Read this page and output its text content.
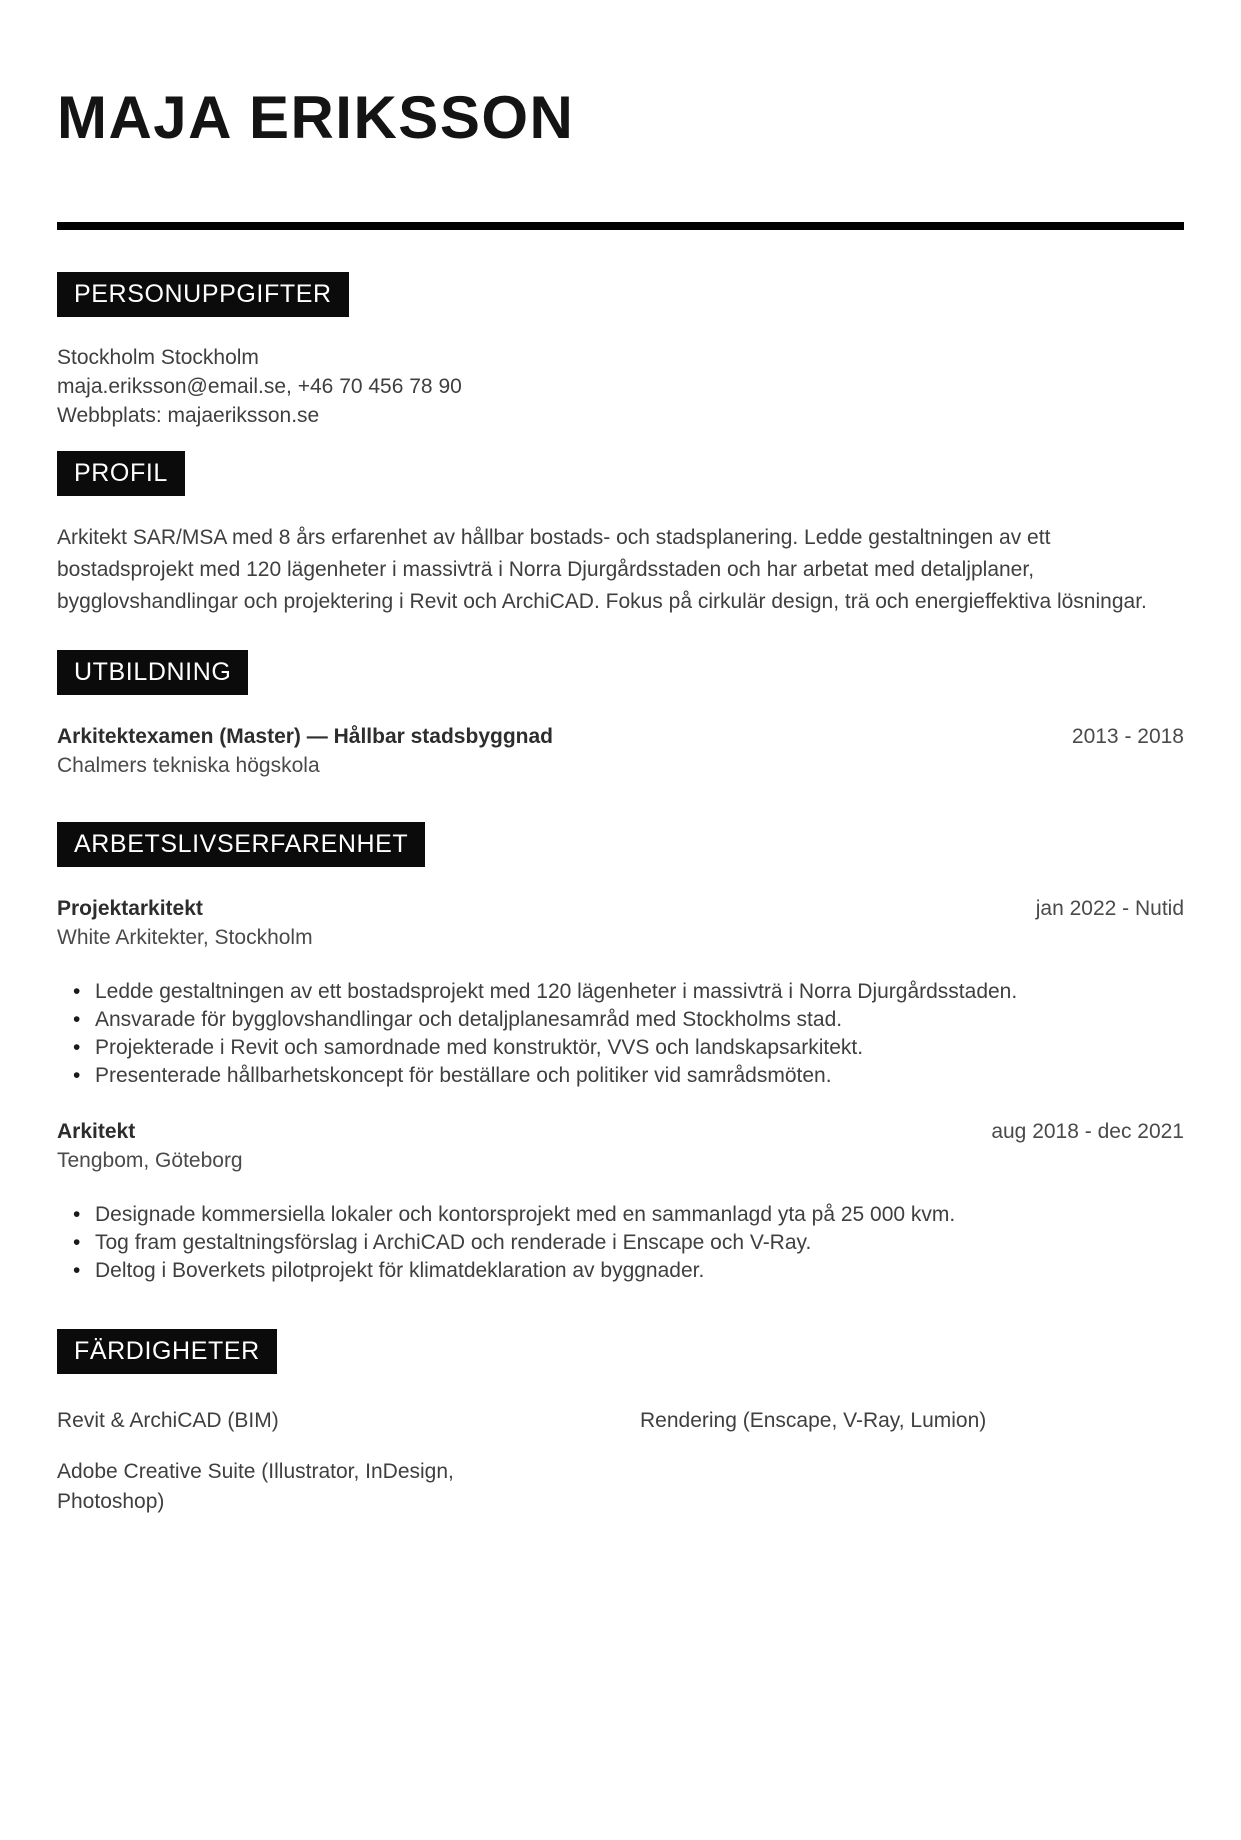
MAJA ERIKSSON
PERSONUPPGIFTER
Stockholm Stockholm
maja.eriksson@email.se, +46 70 456 78 90
Webbplats: majaeriksson.se
PROFIL

Arkitekt SAR/MSA med 8 års erfarenhet av hållbar bostads- och stadsplanering. Ledde gestaltningen av ett bostadsprojekt med 120 lägenheter i massivträ i Norra Djurgårdsstaden och har arbetat med detaljplaner, bygglovshandlingar och projektering i Revit och ArchiCAD. Fokus på cirkulär design, trä och energieffektiva lösningar.

UTBILDNING
Arkitektexamen (Master) — Hållbar stadsbyggnad	2013 - 2018
Chalmers tekniska högskola
ARBETSLIVSERFARENHET
Projektarkitekt	jan 2022 - Nutid
White Arkitekter, Stockholm
• Ledde gestaltningen av ett bostadsprojekt med 120 lägenheter i massivträ i Norra Djurgårdsstaden.
• Ansvarade för bygglovshandlingar och detaljplanesamråd med Stockholms stad.
• Projekterade i Revit och samordnade med konstruktör, VVS och landskapsarkitekt.
• Presenterade hållbarhetskoncept för beställare och politiker vid samrådsmöten.
Arkitekt	aug 2018 - dec 2021
Tengbom, Göteborg
• Designade kommersiella lokaler och kontorsprojekt med en sammanlagd yta på 25 000 kvm.
• Tog fram gestaltningsförslag i ArchiCAD och renderade i Enscape och V-Ray.
• Deltog i Boverkets pilotprojekt för klimatdeklaration av byggnader.
FÄRDIGHETER
Revit & ArchiCAD (BIM)	Rendering (Enscape, V-Ray, Lumion)
Adobe Creative Suite (Illustrator, InDesign, Photoshop)
